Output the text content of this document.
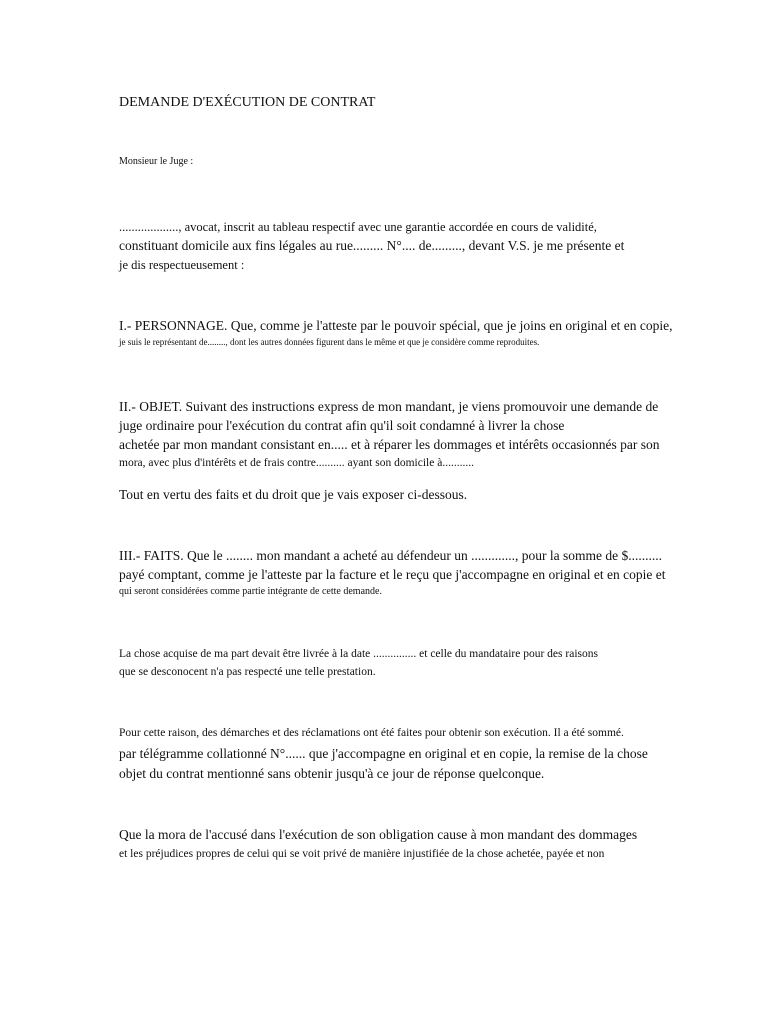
DEMANDE D'EXÉCUTION DE CONTRAT
Monsieur le Juge :
..................., avocat, inscrit au tableau respectif avec une garantie accordée en cours de validité,
constituant domicile aux fins légales au rue......... N°.... de........., devant V.S. je me présente et
je dis respectueusement :
I.- PERSONNAGE. Que, comme je l'atteste par le pouvoir spécial, que je joins en original et en copie,
je suis le représentant de........, dont les autres données figurent dans le même et que je considère comme reproduites.
II.- OBJET. Suivant des instructions express de mon mandant, je viens promouvoir une demande de
juge ordinaire pour l'exécution du contrat afin qu'il soit condamné à livrer la chose
achetée par mon mandant consistant en..... et à réparer les dommages et intérêts occasionnés par son
mora, avec plus d'intérêts et de frais contre.......... ayant son domicile à...........
Tout en vertu des faits et du droit que je vais exposer ci-dessous.
III.- FAITS. Que le ........ mon mandant a acheté au défendeur un ............., pour la somme de $..........
payé comptant, comme je l'atteste par la facture et le reçu que j'accompagne en original et en copie et
qui seront considérées comme partie intégrante de cette demande.
La chose acquise de ma part devait être livrée à la date ............... et celle du mandataire pour des raisons
que se desconocent n'a pas respecté une telle prestation.
Pour cette raison, des démarches et des réclamations ont été faites pour obtenir son exécution. Il a été sommé.
par télégramme collationné N°...... que j'accompagne en original et en copie, la remise de la chose
objet du contrat mentionné sans obtenir jusqu'à ce jour de réponse quelconque.
Que la mora de l'accusé dans l'exécution de son obligation cause à mon mandant des dommages
et les préjudices propres de celui qui se voit privé de manière injustifiée de la chose achetée, payée et non
